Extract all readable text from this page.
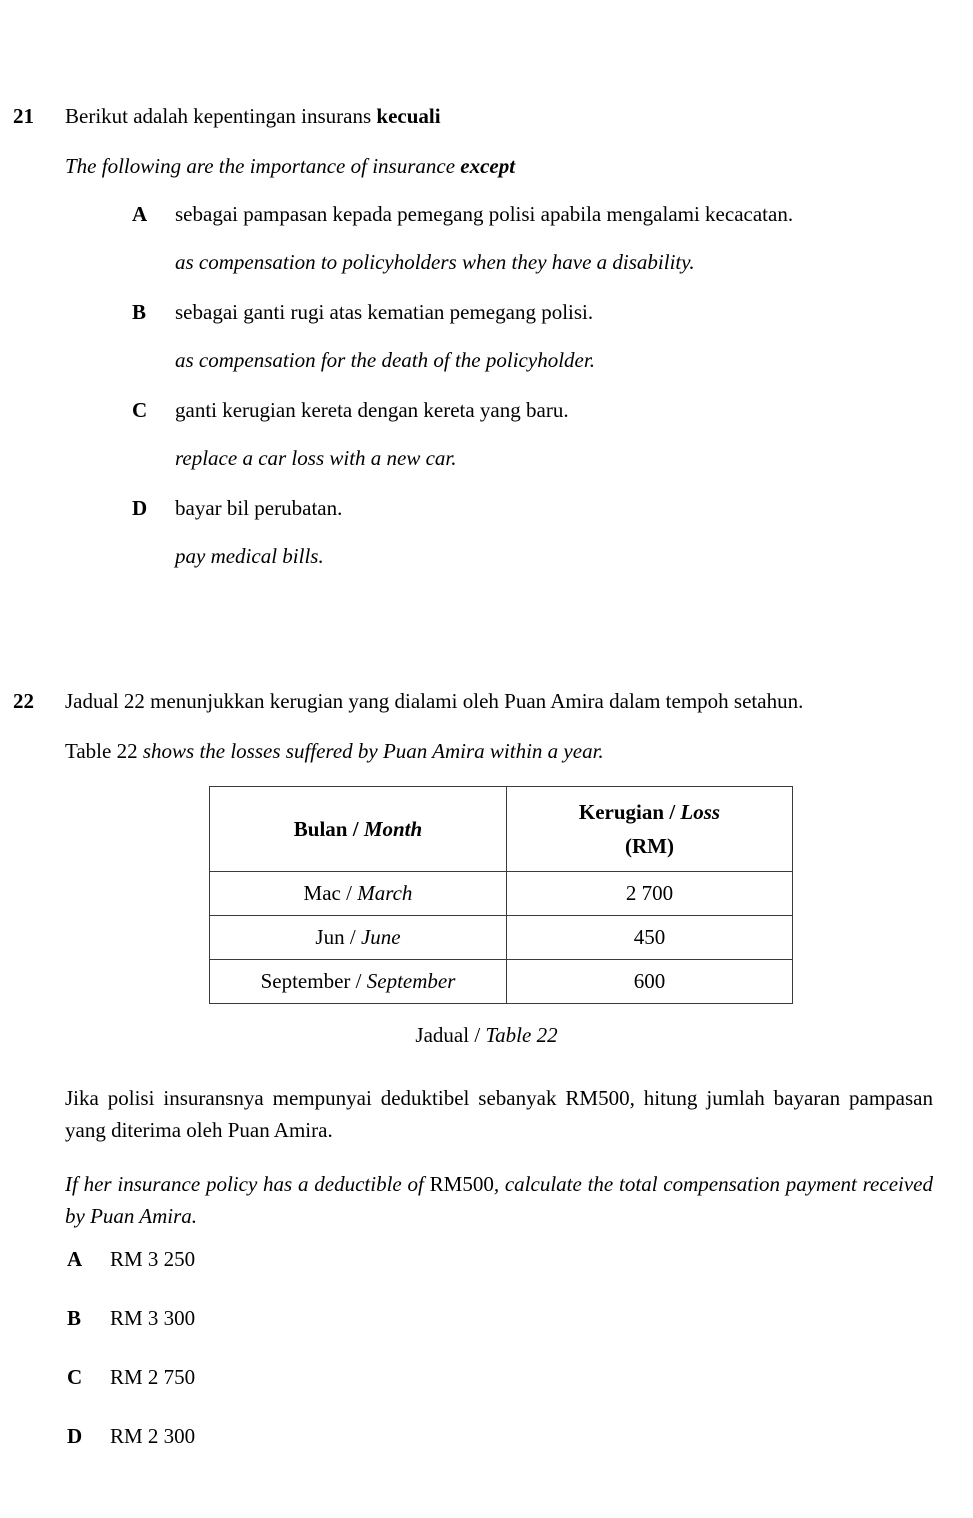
21 Berikut adalah kepentingan insurans kecuali

The following are the importance of insurance except

A sebagai pampasan kepada pemegang polisi apabila mengalami kecacatan.
as compensation to policyholders when they have a disability.
B sebagai ganti rugi atas kematian pemegang polisi.
as compensation for the death of the policyholder.
C ganti kerugian kereta dengan kereta yang baru.
replace a car loss with a new car.
D bayar bil perubatan.
pay medical bills.
22 Jadual 22 menunjukkan kerugian yang dialami oleh Puan Amira dalam tempoh setahun.

Table 22 shows the losses suffered by Puan Amira within a year.

Bulan / Month	Kerugian / Loss
(RM)

Mac / March	2 700
Jun / June	450
September / September	600
Jadual / Table 22

Jika polisi insuransnya mempunyai deduktibel sebanyak RM500, hitung jumlah bayaran pampasan yang diterima oleh Puan Amira.

If her insurance policy has a deductible of RM500, calculate the total compensation payment received by Puan Amira.

A RM 3 250
B RM 3 300
C RM 2 750
D RM 2 300
